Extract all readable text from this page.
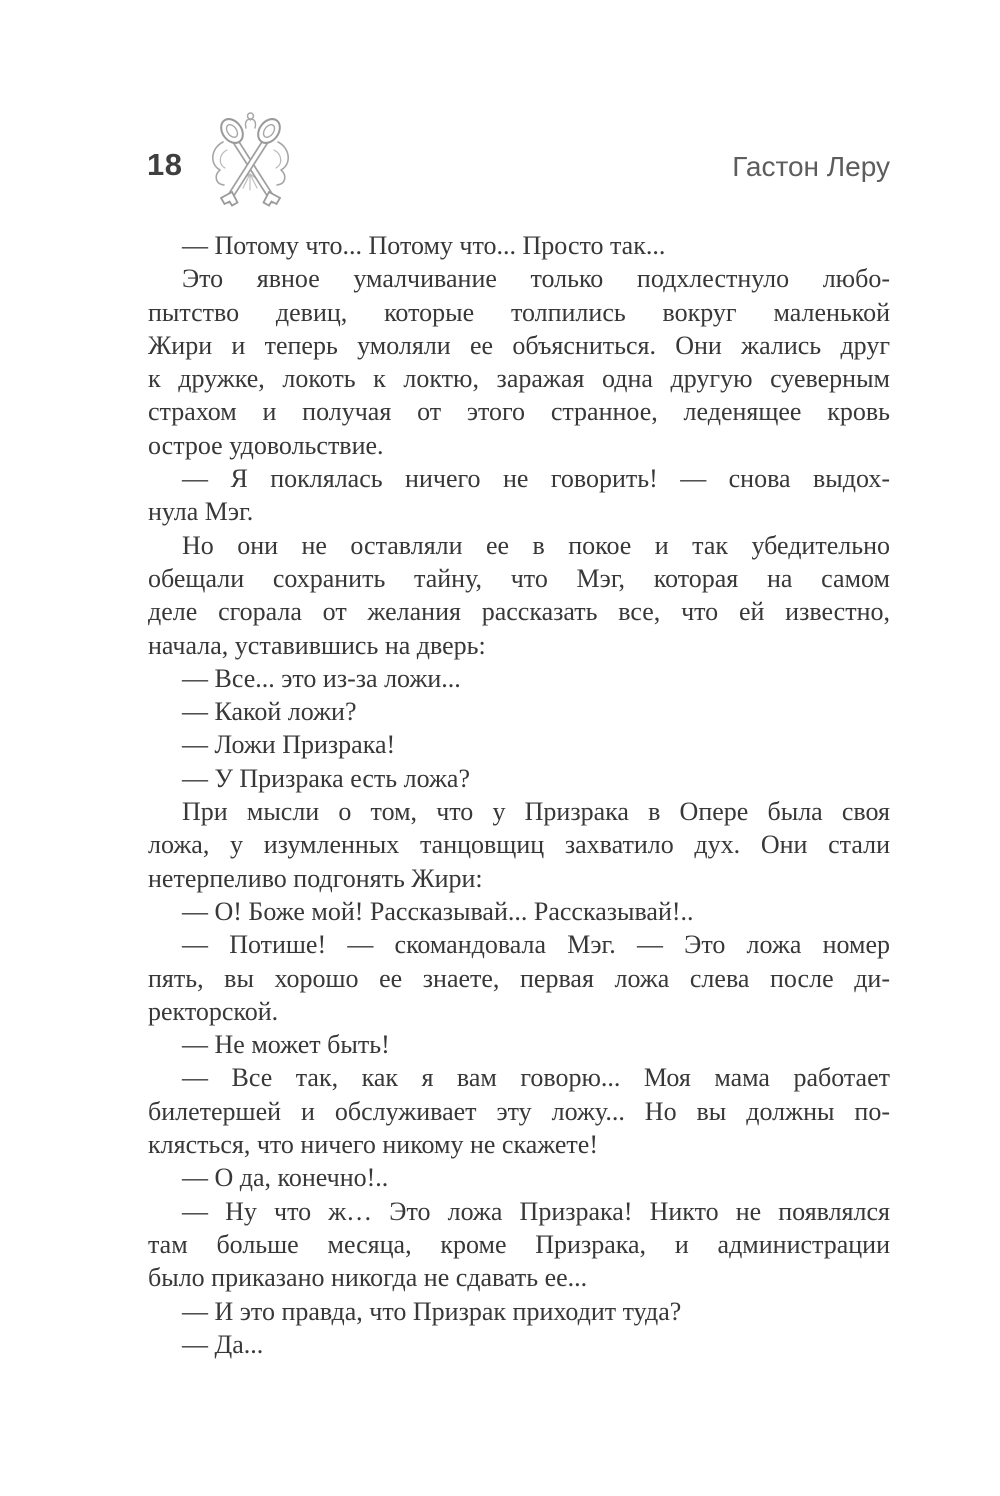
18	Гастон Леру
— Потому что... Потому что... Просто так...
Это явное умалчивание только подхлестнуло любо-
пытство девиц, которые толпились вокруг маленькой
Жири и теперь умоляли ее объясниться. Они жались друг
к дружке, локоть к локтю, заражая одна другую суеверным
страхом и получая от этого странное, леденящее кровь
острое удовольствие.
— Я поклялась ничего не говорить! — снова выдох-
нула Мэг.
Но они не оставляли ее в покое и так убедительно
обещали сохранить тайну, что Мэг, которая на самом
деле сгорала от желания рассказать все, что ей известно,
начала, уставившись на дверь:
— Все... это из-за ложи...
— Какой ложи?
— Ложи Призрака!
— У Призрака есть ложа?
При мысли о том, что у Призрака в Опере была своя
ложа, у изумленных танцовщиц захватило дух. Они стали
нетерпеливо подгонять Жири:
— О! Боже мой! Рассказывай... Рассказывай!..
— Потише! — скомандовала Мэг. — Это ложа номер
пять, вы хорошо ее знаете, первая ложа слева после ди-
ректорской.
— Не может быть!
— Все так, как я вам говорю... Моя мама работает
билетершей и обслуживает эту ложу... Но вы должны по-
клясться, что ничего никому не скажете!
— О да, конечно!..
— Ну что ж… Это ложа Призрака! Никто не появлялся
там больше месяца, кроме Призрака, и администрации
было приказано никогда не сдавать ее...
— И это правда, что Призрак приходит туда?
— Да...
